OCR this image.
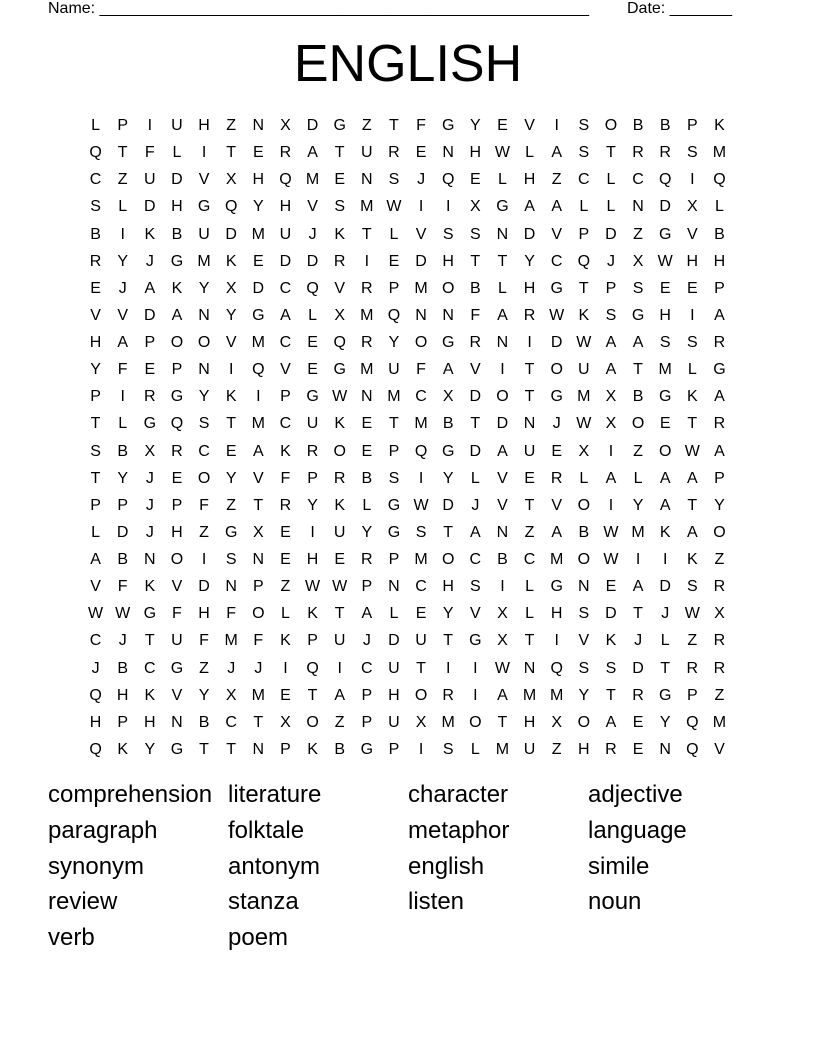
Name: _______________________________________________________ Date: _______
ENGLISH
L	P	I	U H	Z	N	X	D G	Z	T	F	G Y	E	V	I	S O B	B	P	K
Q	T	F	L	I	T	E	R	A	T	U R	E	N H W L	A	S	T	R R	S M
C	Z	U D	V	X	H Q M E	N	S	J	Q E	L	H	Z	C	L	C Q	I	Q
S	L	D H G Q Y	H	V	S M W	I	I	X G A	A	L	L	N D	X	L
B	I	K	B	U D M U	J	K	T	L	V	S	S	N D	V	P	D	Z	G V	B
R	Y	J	G M K	E	D D R	I	E	D H	T	T	Y	C Q	J	X W H H
E	J	A	K	Y	X	D C Q V	R	P M O B	L	H G	T	P	S	E	E	P
V	V	D	A	N	Y G A	L	X M Q N N	F	A	R W K	S G H	I	A
H	A	P O O V M C	E Q R	Y O G R N	I	D W A	A	S	S	R
Y	F	E	P	N	I	Q V	E G M U	F	A	V	I	T	O U	A	T M	L	G
P	I	R G Y	K	I	P G W N M C	X	D O	T	G M X	B G K	A
T	L	G Q S	T M C U	K	E	T M B	T	D N	J W X O E	T	R
S	B	X	R C	E	A	K	R O E	P Q G D	A	U	E	X	I	Z	O W A
T	Y	J	E O Y	V	F	P	R	B	S	I	Y	L	V	E	R	L	A	L	A	A	P
P	P	J	P	F	Z	T	R	Y	K	L	G W D	J	V	T	V O	I	Y	A	T	Y
L	D	J	H	Z	G X	E	I	U	Y G S	T	A	N	Z	A	B W M K	A O
A	B	N O	I	S	N	E	H	E	R	P M O C	B	C M O W	I	I	K	Z
V	F	K	V	D N	P	Z W W P	N C H	S	I	L	G N	E	A	D	S	R
W W G	F	H	F	O	L	K	T	A	L	E	Y	V	X	L	H	S	D	T	J W X
C	J	T	U	F M F	K	P	U	J	D U	T	G X	T	I	V	K	J	L	Z	R
J	B	C G	Z	J	J	I	Q	I	C U	T	I	I	W N Q S	S	D	T	R R
Q H	K	V	Y	X M E	T	A	P	H O R	I	A M M Y	T	R G P	Z
H	P	H N	B	C	T	X O	Z	P	U	X M O	T	H	X O A	E	Y Q M
Q K	Y G	T	T	N	P	K	B G P	I	S	L	M U	Z	H R	E	N Q V
comprehension literature	character	adjective
paragraph	folktale	metaphor	language
synonym	antonym	english	simile
review	stanza	listen	noun
verb	poem
